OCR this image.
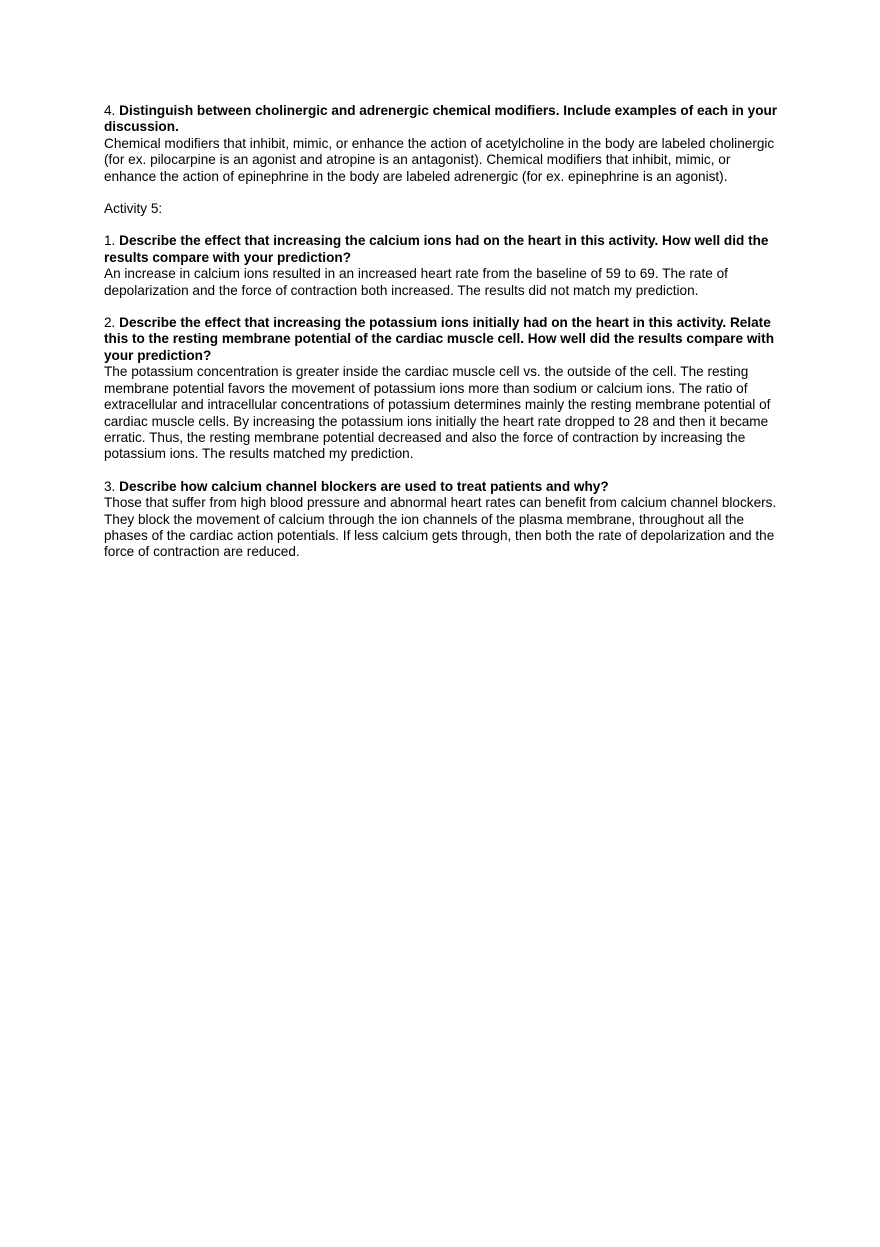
4. Distinguish between cholinergic and adrenergic chemical modifiers. Include examples of each in your discussion.

Chemical modifiers that inhibit, mimic, or enhance the action of acetylcholine in the body are labeled cholinergic (for ex. pilocarpine is an agonist and atropine is an antagonist). Chemical modifiers that inhibit, mimic, or enhance the action of epinephrine in the body are labeled adrenergic (for ex. epinephrine is an agonist).

Activity 5:

1. Describe the effect that increasing the calcium ions had on the heart in this activity. How well did the results compare with your prediction?

An increase in calcium ions resulted in an increased heart rate from the baseline of 59 to 69. The rate of depolarization and the force of contraction both increased. The results did not match my prediction.

2. Describe the effect that increasing the potassium ions initially had on the heart in this activity. Relate this to the resting membrane potential of the cardiac muscle cell. How well did the results compare with your prediction?

The potassium concentration is greater inside the cardiac muscle cell vs. the outside of the cell. The resting membrane potential favors the movement of potassium ions more than sodium or calcium ions. The ratio of extracellular and intracellular concentrations of potassium determines mainly the resting membrane potential of cardiac muscle cells. By increasing the potassium ions initially the heart rate dropped to 28 and then it became erratic. Thus, the resting membrane potential decreased and also the force of contraction by increasing the potassium ions. The results matched my prediction.

3. Describe how calcium channel blockers are used to treat patients and why?

Those that suffer from high blood pressure and abnormal heart rates can benefit from calcium channel blockers. They block the movement of calcium through the ion channels of the plasma membrane, throughout all the phases of the cardiac action potentials. If less calcium gets through, then both the rate of depolarization and the force of contraction are reduced.
